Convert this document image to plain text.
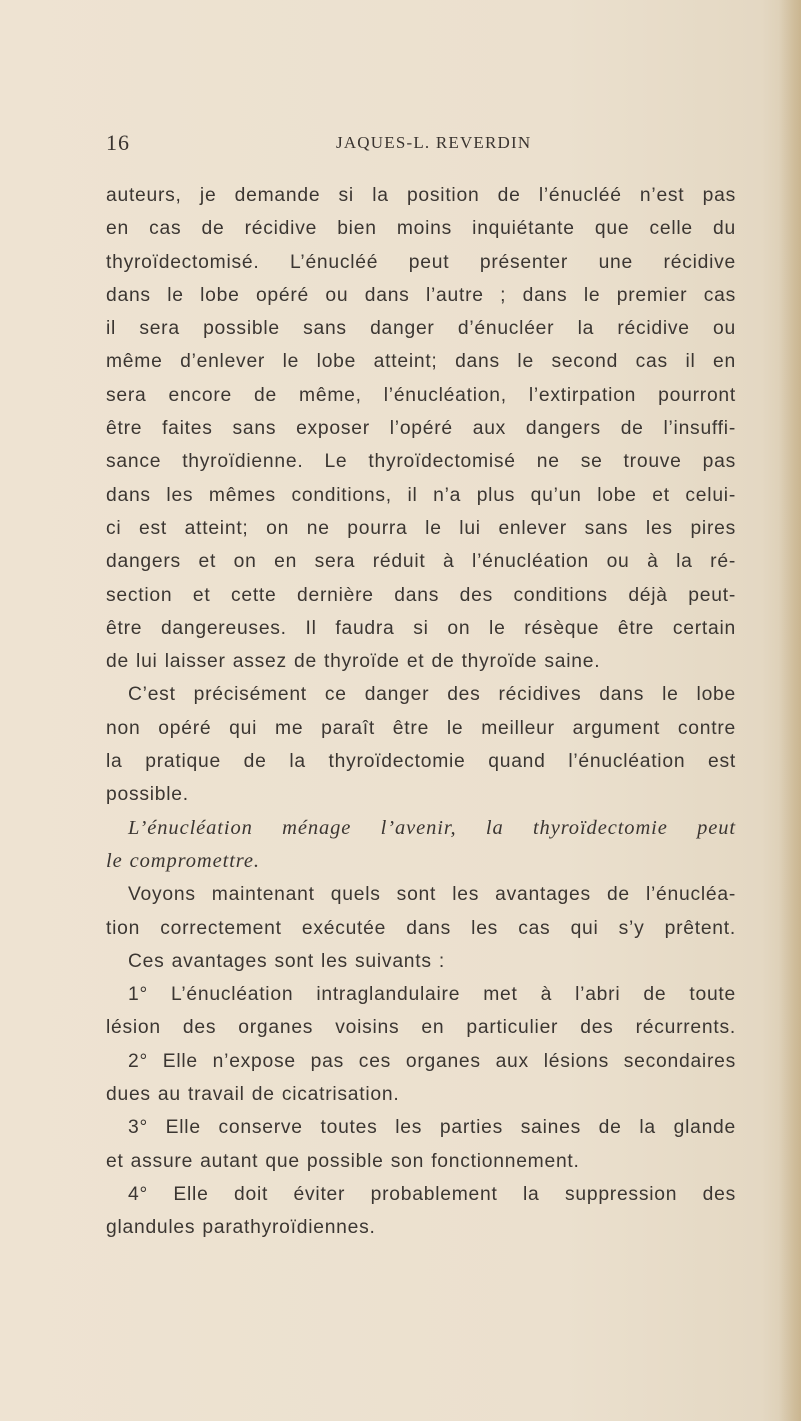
16	JAQUES-L. REVERDIN
auteurs, je demande si la position de l’énucléé n’est pas
en cas de récidive bien moins inquiétante que celle du
thyroïdectomisé. L’énucléé peut présenter une récidive
dans le lobe opéré ou dans l’autre ; dans le premier cas
il sera possible sans danger d’énucléer la récidive ou
même d’enlever le lobe atteint; dans le second cas il en
sera encore de même, l’énucléation, l’extirpation pourront
être faites sans exposer l’opéré aux dangers de l’insuffi-
sance thyroïdienne. Le thyroïdectomisé ne se trouve pas
dans les mêmes conditions, il n’a plus qu’un lobe et celui-
ci est atteint; on ne pourra le lui enlever sans les pires
dangers et on en sera réduit à l’énucléation ou à la ré-
section et cette dernière dans des conditions déjà peut-
être dangereuses. Il faudra si on le résèque être certain
de lui laisser assez de thyroïde et de thyroïde saine.
C’est précisément ce danger des récidives dans le lobe
non opéré qui me paraît être le meilleur argument contre
la pratique de la thyroïdectomie quand l’énucléation est
possible.
L’énucléation ménage l’avenir, la thyroïdectomie peut
le compromettre.
Voyons maintenant quels sont les avantages de l’énucléa-
tion correctement exécutée dans les cas qui s’y prêtent.
Ces avantages sont les suivants :
1° L’énucléation intraglandulaire met à l’abri de toute
lésion des organes voisins en particulier des récurrents.
2° Elle n’expose pas ces organes aux lésions secondaires
dues au travail de cicatrisation.
3° Elle conserve toutes les parties saines de la glande
et assure autant que possible son fonctionnement.
4° Elle doit éviter probablement la suppression des
glandules parathyroïdiennes.
